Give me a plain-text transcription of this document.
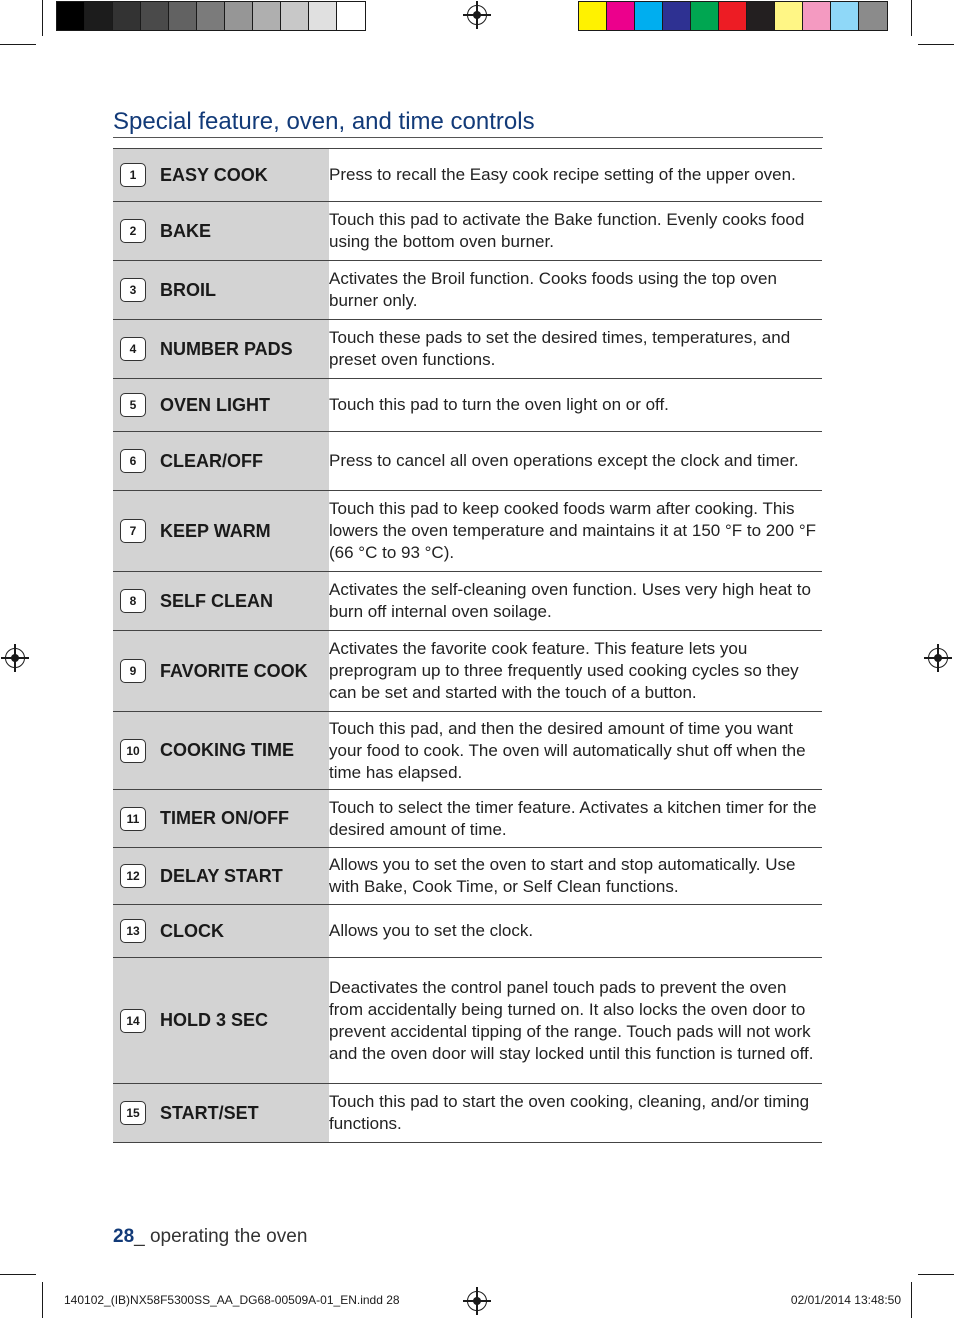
Special feature, oven, and time controls
1 EASY COOK	Press to recall the Easy cook recipe setting of the upper oven.

2 BAKE	Touch this pad to activate the Bake function. Evenly cooks food using the bottom oven burner.

3 BROIL	Activates the Broil function. Cooks foods using the top oven burner only.

4 NUMBER PADS	Touch these pads to set the desired times, temperatures, and preset oven functions.

5 OVEN LIGHT	Touch this pad to turn the oven light on or off.

6 CLEAR/OFF	Press to cancel all oven operations except the clock and timer.

7 KEEP WARM	Touch this pad to keep cooked foods warm after cooking. This lowers the oven temperature and maintains it at 150 °F to 200 °F (66 °C to 93 °C).

8 SELF CLEAN	Activates the self-cleaning oven function. Uses very high heat to burn off internal oven soilage.

9 FAVORITE COOK	Activates the favorite cook feature. This feature lets you preprogram up to three frequently used cooking cycles so they can be set and started with the touch of a button.

10 COOKING TIME	Touch this pad, and then the desired amount of time you want your food to cook. The oven will automatically shut off when the time has elapsed.

11 TIMER ON/OFF	Touch to select the timer feature. Activates a kitchen timer for the desired amount of time.

12 DELAY START	Allows you to set the oven to start and stop automatically. Use with Bake, Cook Time, or Self Clean functions.

13 CLOCK	Allows you to set the clock.

14 HOLD 3 SEC	Deactivates the control panel touch pads to prevent the oven from accidentally being turned on. It also locks the oven door to prevent accidental tipping of the range. Touch pads will not work and the oven door will stay locked until this function is turned off.

15 START/SET	Touch this pad to start the oven cooking, cleaning, and/or timing functions.
28_ operating the oven
140102_(IB)NX58F5300SS_AA_DG68-00509A-01_EN.indd 28	02/01/2014 13:48:50
